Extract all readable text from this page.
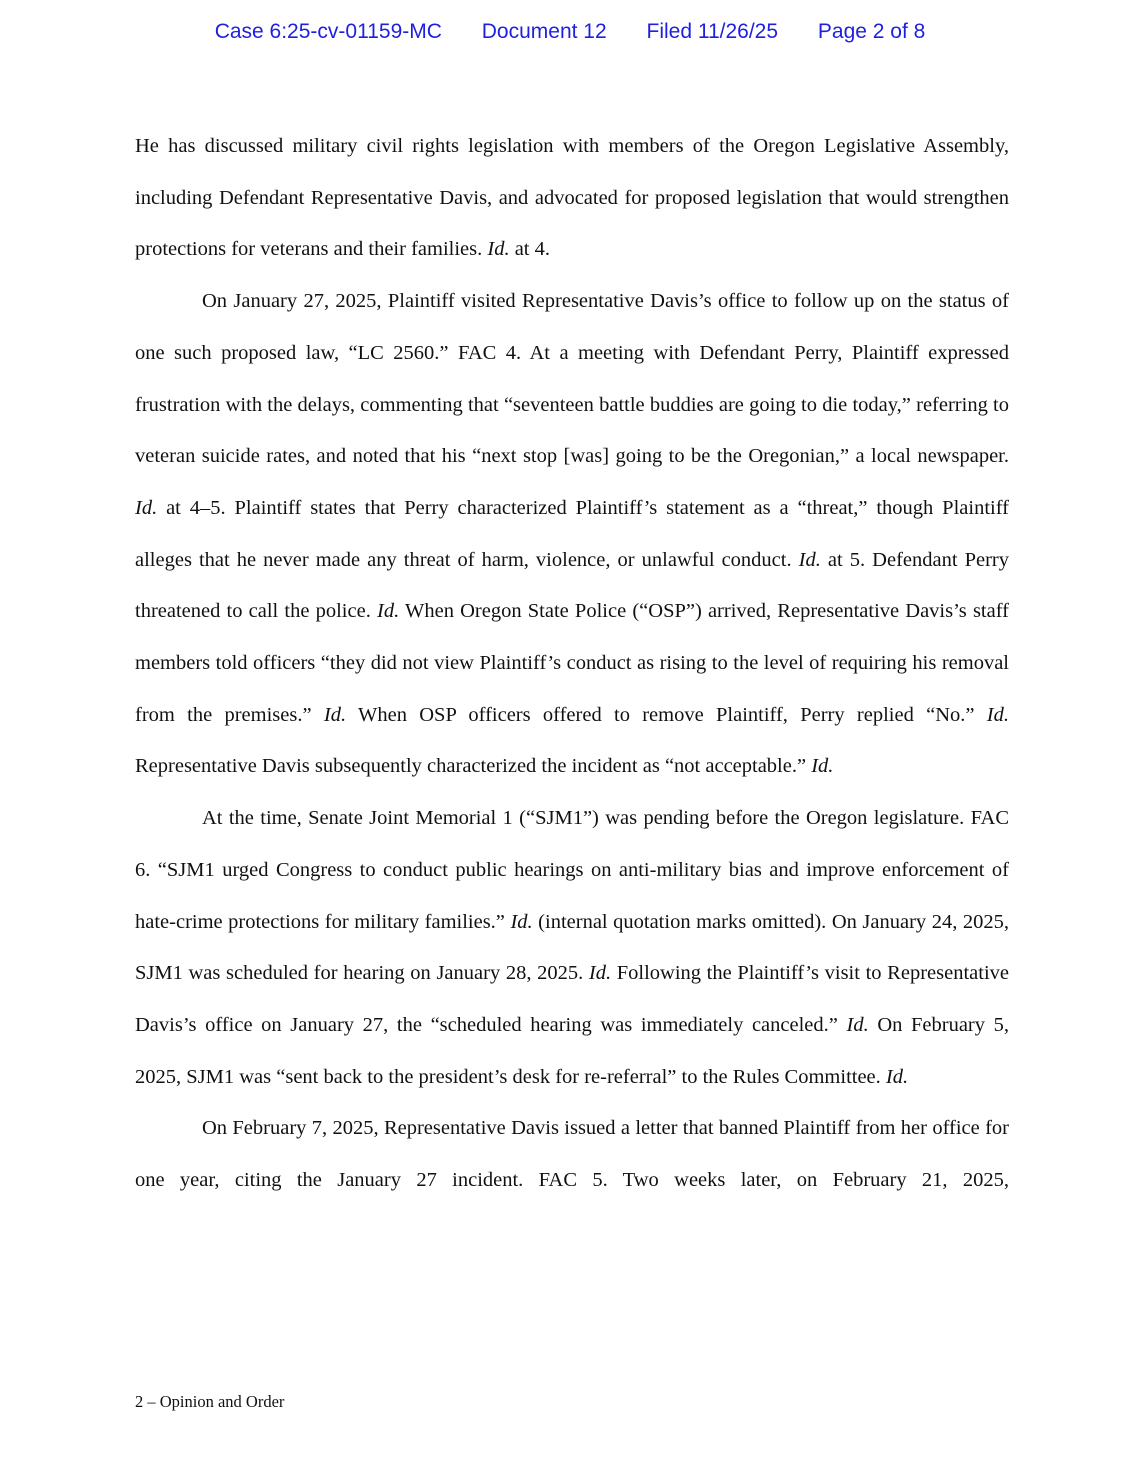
Case 6:25-cv-01159-MC Document 12 Filed 11/26/25 Page 2 of 8

He has discussed military civil rights legislation with members of the Oregon Legislative Assembly, including Defendant Representative Davis, and advocated for proposed legislation that would strengthen protections for veterans and their families. Id. at 4.

On January 27, 2025, Plaintiff visited Representative Davis’s office to follow up on the status of one such proposed law, “LC 2560.” FAC 4. At a meeting with Defendant Perry, Plaintiff expressed frustration with the delays, commenting that “seventeen battle buddies are going to die today,” referring to veteran suicide rates, and noted that his “next stop [was] going to be the Oregonian,” a local newspaper. Id. at 4–5. Plaintiff states that Perry characterized Plaintiff’s statement as a “threat,” though Plaintiff alleges that he never made any threat of harm, violence, or unlawful conduct. Id. at 5. Defendant Perry threatened to call the police. Id. When Oregon State Police (“OSP”) arrived, Representative Davis’s staff members told officers “they did not view Plaintiff’s conduct as rising to the level of requiring his removal from the premises.” Id. When OSP officers offered to remove Plaintiff, Perry replied “No.” Id. Representative Davis subsequently characterized the incident as “not acceptable.” Id.

At the time, Senate Joint Memorial 1 (“SJM1”) was pending before the Oregon legislature. FAC 6. “SJM1 urged Congress to conduct public hearings on anti-military bias and improve enforcement of hate-crime protections for military families.” Id. (internal quotation marks omitted). On January 24, 2025, SJM1 was scheduled for hearing on January 28, 2025. Id. Following the Plaintiff’s visit to Representative Davis’s office on January 27, the “scheduled hearing was immediately canceled.” Id. On February 5, 2025, SJM1 was “sent back to the president’s desk for re-referral” to the Rules Committee. Id.

On February 7, 2025, Representative Davis issued a letter that banned Plaintiff from her office for one year, citing the January 27 incident. FAC 5. Two weeks later, on February 21, 2025,

2 – Opinion and Order
